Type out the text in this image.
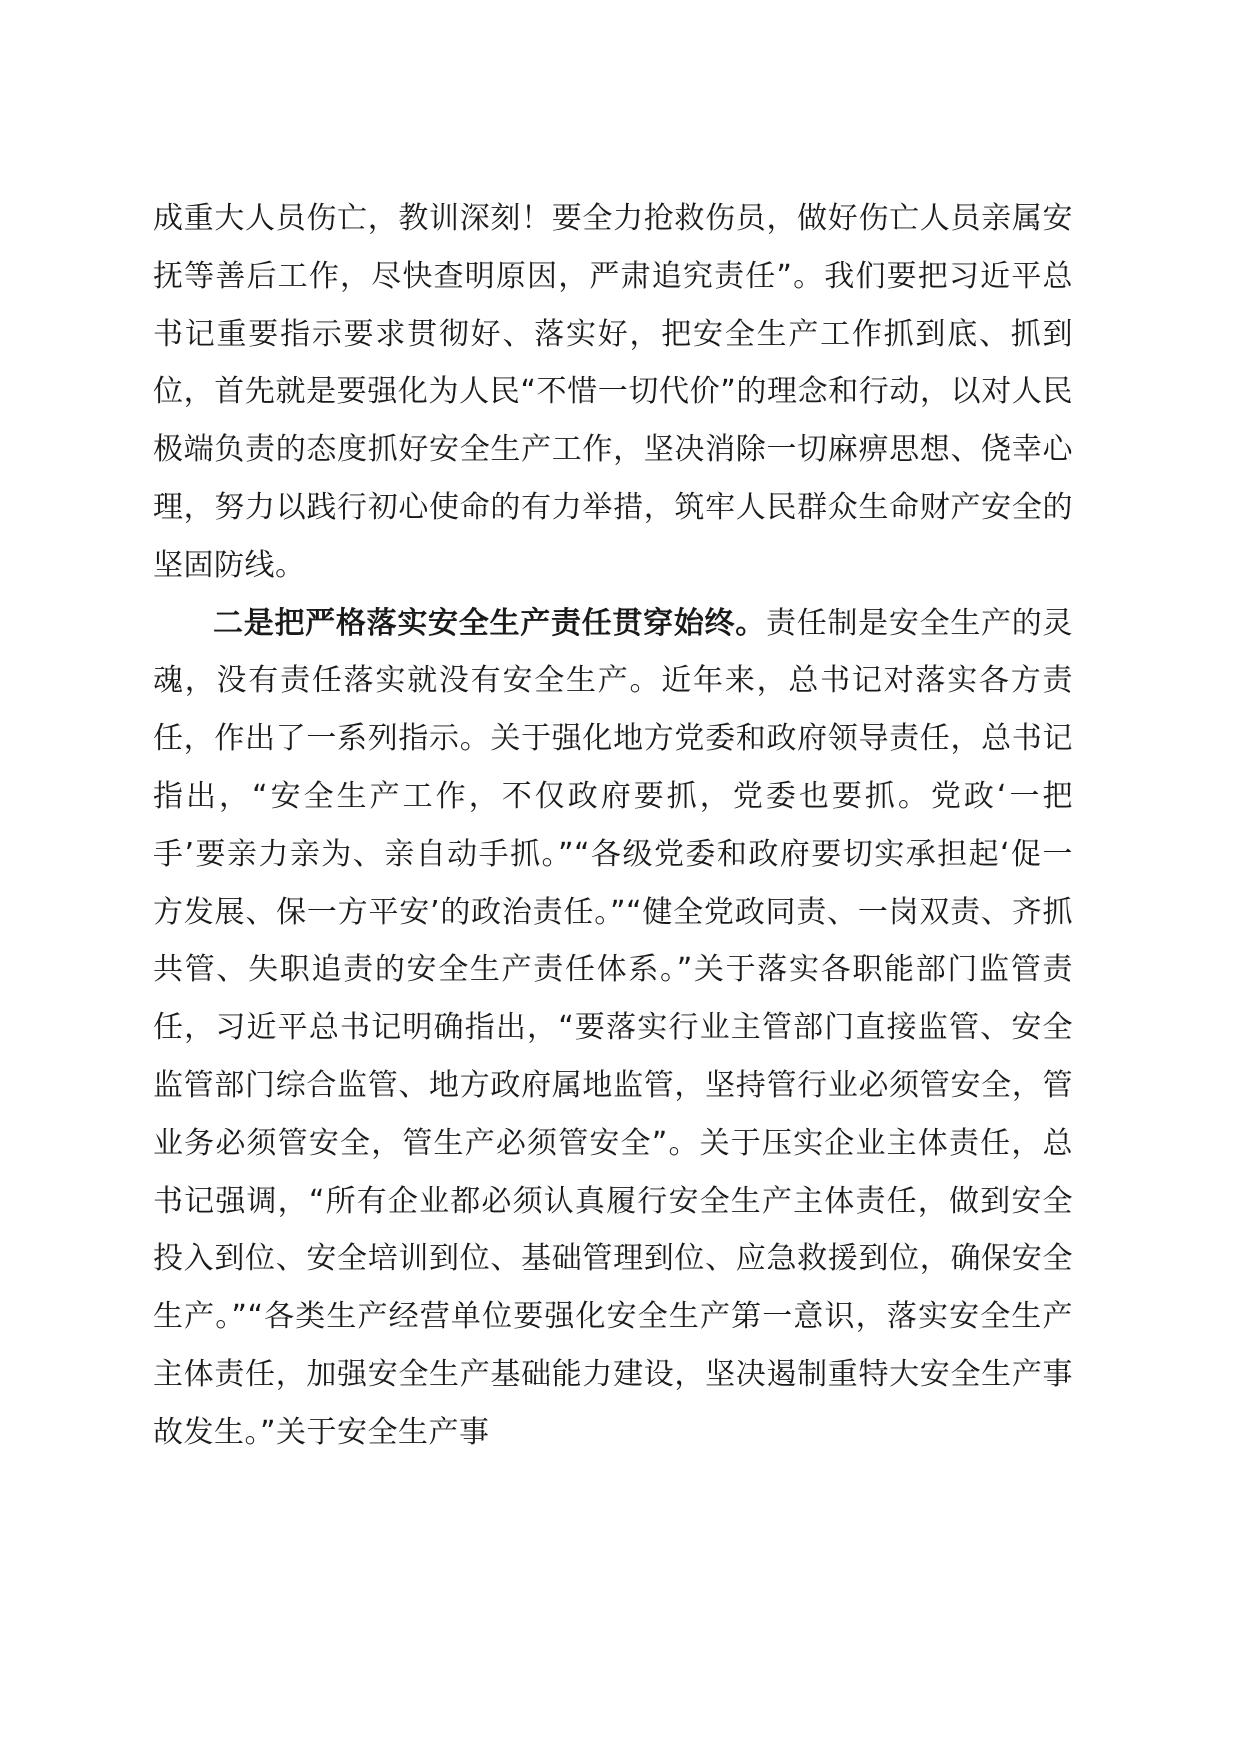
成重大人员伤亡，教训深刻！要全力抢救伤员，做好伤亡人员亲属安抚等善后工作，尽快查明原因，严肃追究责任”。我们要把习近平总书记重要指示要求贯彻好、落实好，把安全生产工作抓到底、抓到位，首先就是要强化为人民“不惜一切代价”的理念和行动，以对人民极端负责的态度抓好安全生产工作，坚决消除一切麻痹思想、侥幸心理，努力以践行初心使命的有力举措，筑牢人民群众生命财产安全的坚固防线。

二是把严格落实安全生产责任贯穿始终。责任制是安全生产的灵魂，没有责任落实就没有安全生产。近年来，总书记对落实各方责任，作出了一系列指示。关于强化地方党委和政府领导责任，总书记指出，“安全生产工作，不仅政府要抓，党委也要抓。党政‘一把手’要亲力亲为、亲自动手抓。”“各级党委和政府要切实承担起‘促一方发展、保一方平安’的政治责任。”“健全党政同责、一岗双责、齐抓共管、失职追责的安全生产责任体系。”关于落实各职能部门监管责任，习近平总书记明确指出，“要落实行业主管部门直接监管、安全监管部门综合监管、地方政府属地监管，坚持管行业必须管安全，管业务必须管安全，管生产必须管安全”。关于压实企业主体责任，总书记强调，“所有企业都必须认真履行安全生产主体责任，做到安全投入到位、安全培训到位、基础管理到位、应急救援到位，确保安全生产。”“各类生产经营单位要强化安全生产第一意识，落实安全生产主体责任，加强安全生产基础能力建设，坚决遏制重特大安全生产事故发生。”关于安全生产事
